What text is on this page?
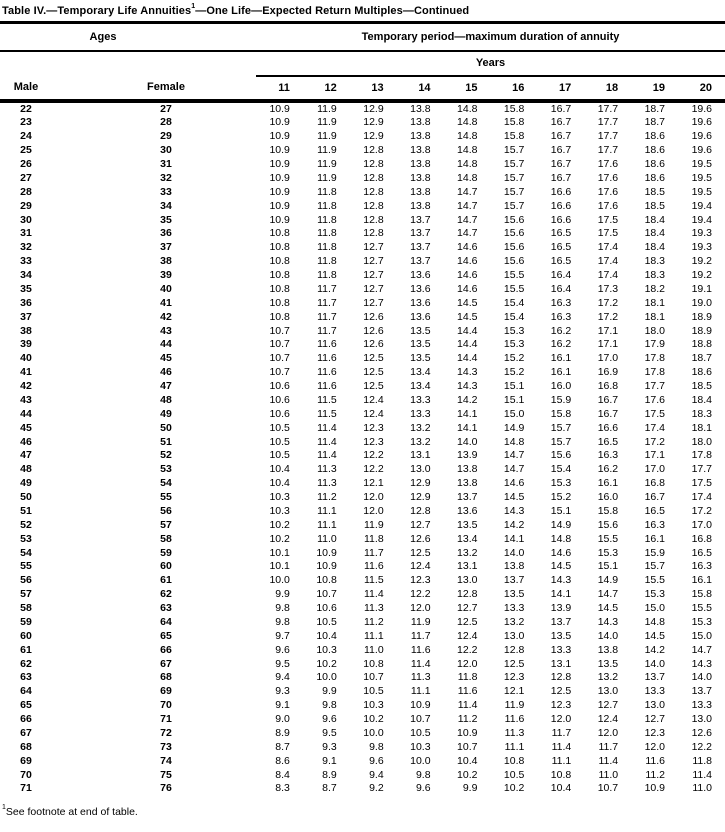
Table IV.—Temporary Life Annuities$^1$—One Life—Expected Return Multiples—Continued
Ages		Temporary period—maximum duration of annuity									
		Years									
Male	Female	11	12	13	14	15	16	17	18	19	20
22	27	10.9	11.9	12.9	13.8	14.8	15.8	16.7	17.7	18.7	19.6
23	28	10.9	11.9	12.9	13.8	14.8	15.8	16.7	17.7	18.7	19.6
24	29	10.9	11.9	12.9	13.8	14.8	15.8	16.7	17.7	18.6	19.6
25	30	10.9	11.9	12.8	13.8	14.8	15.7	16.7	17.7	18.6	19.6
26	31	10.9	11.9	12.8	13.8	14.8	15.7	16.7	17.6	18.6	19.5
27	32	10.9	11.9	12.8	13.8	14.8	15.7	16.7	17.6	18.6	19.5
28	33	10.9	11.8	12.8	13.8	14.7	15.7	16.6	17.6	18.5	19.5
29	34	10.9	11.8	12.8	13.8	14.7	15.7	16.6	17.6	18.5	19.4
30	35	10.9	11.8	12.8	13.7	14.7	15.6	16.6	17.5	18.4	19.4
31	36	10.8	11.8	12.8	13.7	14.7	15.6	16.5	17.5	18.4	19.3
32	37	10.8	11.8	12.7	13.7	14.6	15.6	16.5	17.4	18.4	19.3
33	38	10.8	11.8	12.7	13.7	14.6	15.6	16.5	17.4	18.3	19.2
34	39	10.8	11.8	12.7	13.6	14.6	15.5	16.4	17.4	18.3	19.2
35	40	10.8	11.7	12.7	13.6	14.6	15.5	16.4	17.3	18.2	19.1
36	41	10.8	11.7	12.7	13.6	14.5	15.4	16.3	17.2	18.1	19.0
37	42	10.8	11.7	12.6	13.6	14.5	15.4	16.3	17.2	18.1	18.9
38	43	10.7	11.7	12.6	13.5	14.4	15.3	16.2	17.1	18.0	18.9
39	44	10.7	11.6	12.6	13.5	14.4	15.3	16.2	17.1	17.9	18.8
40	45	10.7	11.6	12.5	13.5	14.4	15.2	16.1	17.0	17.8	18.7
41	46	10.7	11.6	12.5	13.4	14.3	15.2	16.1	16.9	17.8	18.6
42	47	10.6	11.6	12.5	13.4	14.3	15.1	16.0	16.8	17.7	18.5
43	48	10.6	11.5	12.4	13.3	14.2	15.1	15.9	16.7	17.6	18.4
44	49	10.6	11.5	12.4	13.3	14.1	15.0	15.8	16.7	17.5	18.3
45	50	10.5	11.4	12.3	13.2	14.1	14.9	15.7	16.6	17.4	18.1
46	51	10.5	11.4	12.3	13.2	14.0	14.8	15.7	16.5	17.2	18.0
47	52	10.5	11.4	12.2	13.1	13.9	14.7	15.6	16.3	17.1	17.8
48	53	10.4	11.3	12.2	13.0	13.8	14.7	15.4	16.2	17.0	17.7
49	54	10.4	11.3	12.1	12.9	13.8	14.6	15.3	16.1	16.8	17.5
50	55	10.3	11.2	12.0	12.9	13.7	14.5	15.2	16.0	16.7	17.4
51	56	10.3	11.1	12.0	12.8	13.6	14.3	15.1	15.8	16.5	17.2
52	57	10.2	11.1	11.9	12.7	13.5	14.2	14.9	15.6	16.3	17.0
53	58	10.2	11.0	11.8	12.6	13.4	14.1	14.8	15.5	16.1	16.8
54	59	10.1	10.9	11.7	12.5	13.2	14.0	14.6	15.3	15.9	16.5
55	60	10.1	10.9	11.6	12.4	13.1	13.8	14.5	15.1	15.7	16.3
56	61	10.0	10.8	11.5	12.3	13.0	13.7	14.3	14.9	15.5	16.1
57	62	9.9	10.7	11.4	12.2	12.8	13.5	14.1	14.7	15.3	15.8
58	63	9.8	10.6	11.3	12.0	12.7	13.3	13.9	14.5	15.0	15.5
59	64	9.8	10.5	11.2	11.9	12.5	13.2	13.7	14.3	14.8	15.3
60	65	9.7	10.4	11.1	11.7	12.4	13.0	13.5	14.0	14.5	15.0
61	66	9.6	10.3	11.0	11.6	12.2	12.8	13.3	13.8	14.2	14.7
62	67	9.5	10.2	10.8	11.4	12.0	12.5	13.1	13.5	14.0	14.3
63	68	9.4	10.0	10.7	11.3	11.8	12.3	12.8	13.2	13.7	14.0
64	69	9.3	9.9	10.5	11.1	11.6	12.1	12.5	13.0	13.3	13.7
65	70	9.1	9.8	10.3	10.9	11.4	11.9	12.3	12.7	13.0	13.3
66	71	9.0	9.6	10.2	10.7	11.2	11.6	12.0	12.4	12.7	13.0
67	72	8.9	9.5	10.0	10.5	10.9	11.3	11.7	12.0	12.3	12.6
68	73	8.7	9.3	9.8	10.3	10.7	11.1	11.4	11.7	12.0	12.2
69	74	8.6	9.1	9.6	10.0	10.4	10.8	11.1	11.4	11.6	11.8
70	75	8.4	8.9	9.4	9.8	10.2	10.5	10.8	11.0	11.2	11.4
71	76	8.3	8.7	9.2	9.6	9.9	10.2	10.4	10.7	10.9	11.0
$^1$See footnote at end of table.
